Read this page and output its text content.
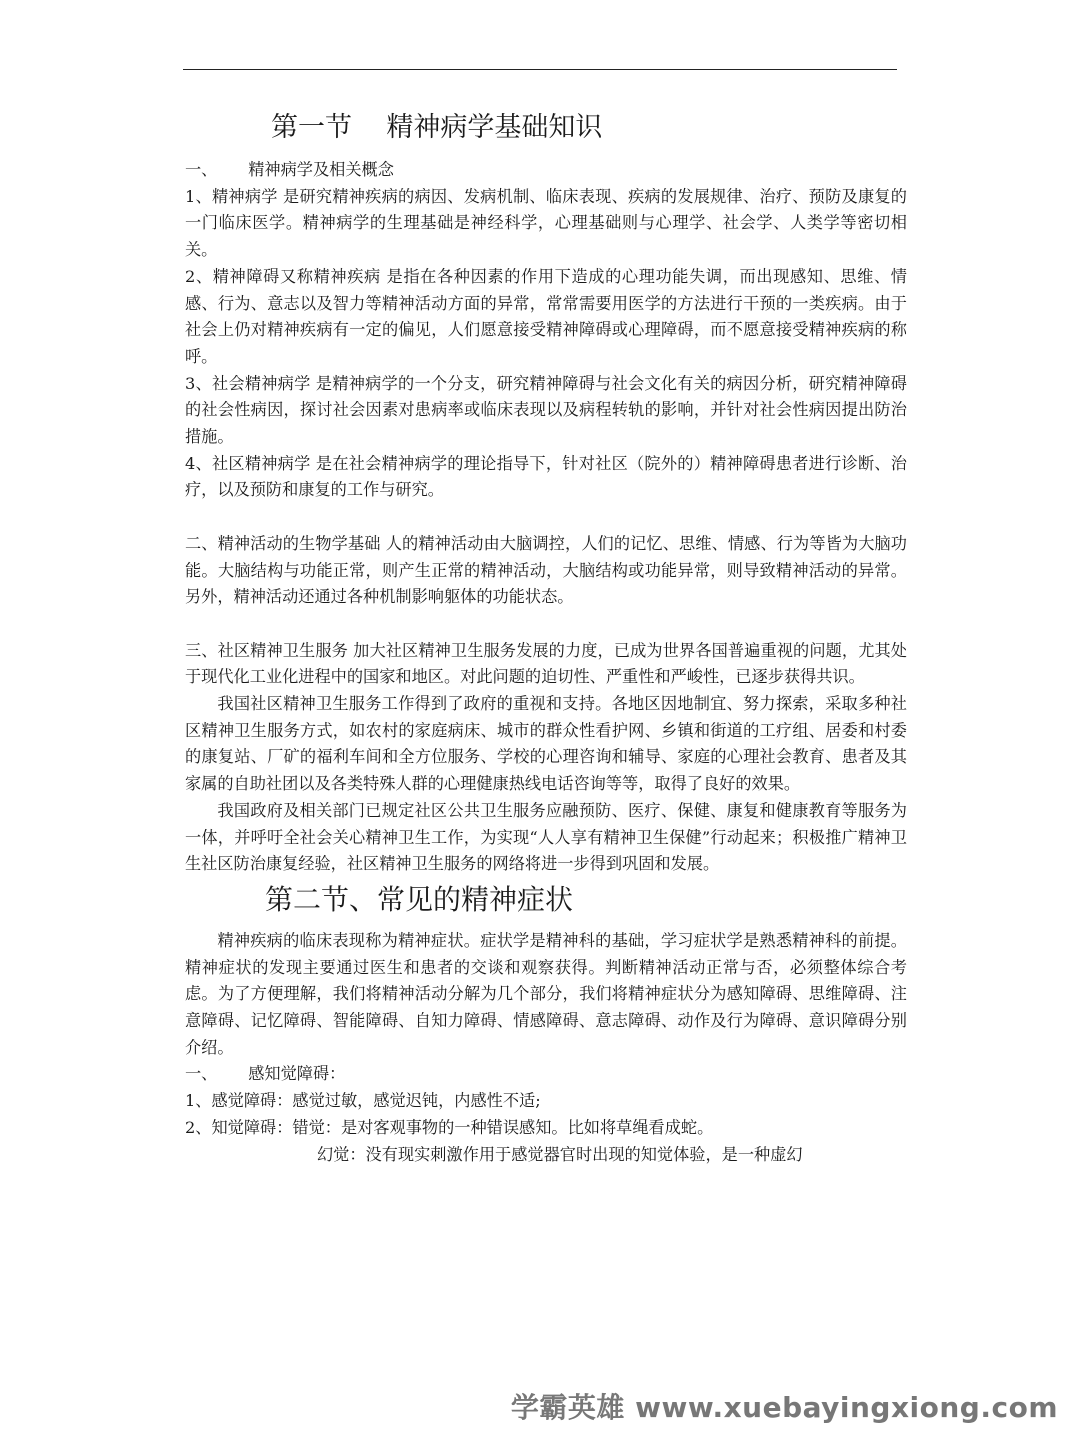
第一节    精神病学基础知识
一、      精神病学及相关概念
1、精神病学 是研究精神疾病的病因、发病机制、临床表现、疾病的发展规律、治疗、预防及康复的一门临床医学。精神病学的生理基础是神经科学，心理基础则与心理学、社会学、人类学等密切相关。
2、精神障碍又称精神疾病 是指在各种因素的作用下造成的心理功能失调，而出现感知、思维、情感、行为、意志以及智力等精神活动方面的异常，常常需要用医学的方法进行干预的一类疾病。由于社会上仍对精神疾病有一定的偏见，人们愿意接受精神障碍或心理障碍，而不愿意接受精神疾病的称呼。
3、社会精神病学 是精神病学的一个分支，研究精神障碍与社会文化有关的病因分析，研究精神障碍的社会性病因，探讨社会因素对患病率或临床表现以及病程转轨的影响，并针对社会性病因提出防治措施。
4、社区精神病学 是在社会精神病学的理论指导下，针对社区（院外的）精神障碍患者进行诊断、治疗，以及预防和康复的工作与研究。
二、精神活动的生物学基础 人的精神活动由大脑调控，人们的记忆、思维、情感、行为等皆为大脑功能。大脑结构与功能正常，则产生正常的精神活动，大脑结构或功能异常，则导致精神活动的异常。另外，精神活动还通过各种机制影响躯体的功能状态。
三、社区精神卫生服务 加大社区精神卫生服务发展的力度，已成为世界各国普遍重视的问题，尤其处于现代化工业化进程中的国家和地区。对此问题的迫切性、严重性和严峻性，已逐步获得共识。
我国社区精神卫生服务工作得到了政府的重视和支持。各地区因地制宜、努力探索，采取多种社区精神卫生服务方式，如农村的家庭病床、城市的群众性看护网、乡镇和街道的工疗组、居委和村委的康复站、厂矿的福利车间和全方位服务、学校的心理咨询和辅导、家庭的心理社会教育、患者及其家属的自助社团以及各类特殊人群的心理健康热线电话咨询等等，取得了良好的效果。
我国政府及相关部门已规定社区公共卫生服务应融预防、医疗、保健、康复和健康教育等服务为一体，并呼吁全社会关心精神卫生工作，为实现“人人享有精神卫生保健”行动起来；积极推广精神卫生社区防治康复经验，社区精神卫生服务的网络将进一步得到巩固和发展。
第二节、常见的精神症状
精神疾病的临床表现称为精神症状。症状学是精神科的基础，学习症状学是熟悉精神科的前提。精神症状的发现主要通过医生和患者的交谈和观察获得。判断精神活动正常与否，必须整体综合考虑。为了方便理解，我们将精神活动分解为几个部分，我们将精神症状分为感知障碍、思维障碍、注意障碍、记忆障碍、智能障碍、自知力障碍、情感障碍、意志障碍、动作及行为障碍、意识障碍分别介绍。
一、      感知觉障碍：
1、感觉障碍：感觉过敏，感觉迟钝，内感性不适;
2、知觉障碍：错觉：是对客观事物的一种错误感知。比如将草绳看成蛇。
幻觉：没有现实刺激作用于感觉器官时出现的知觉体验，是一种虚幻
学霸英雄 www.xuebayingxiong.com
